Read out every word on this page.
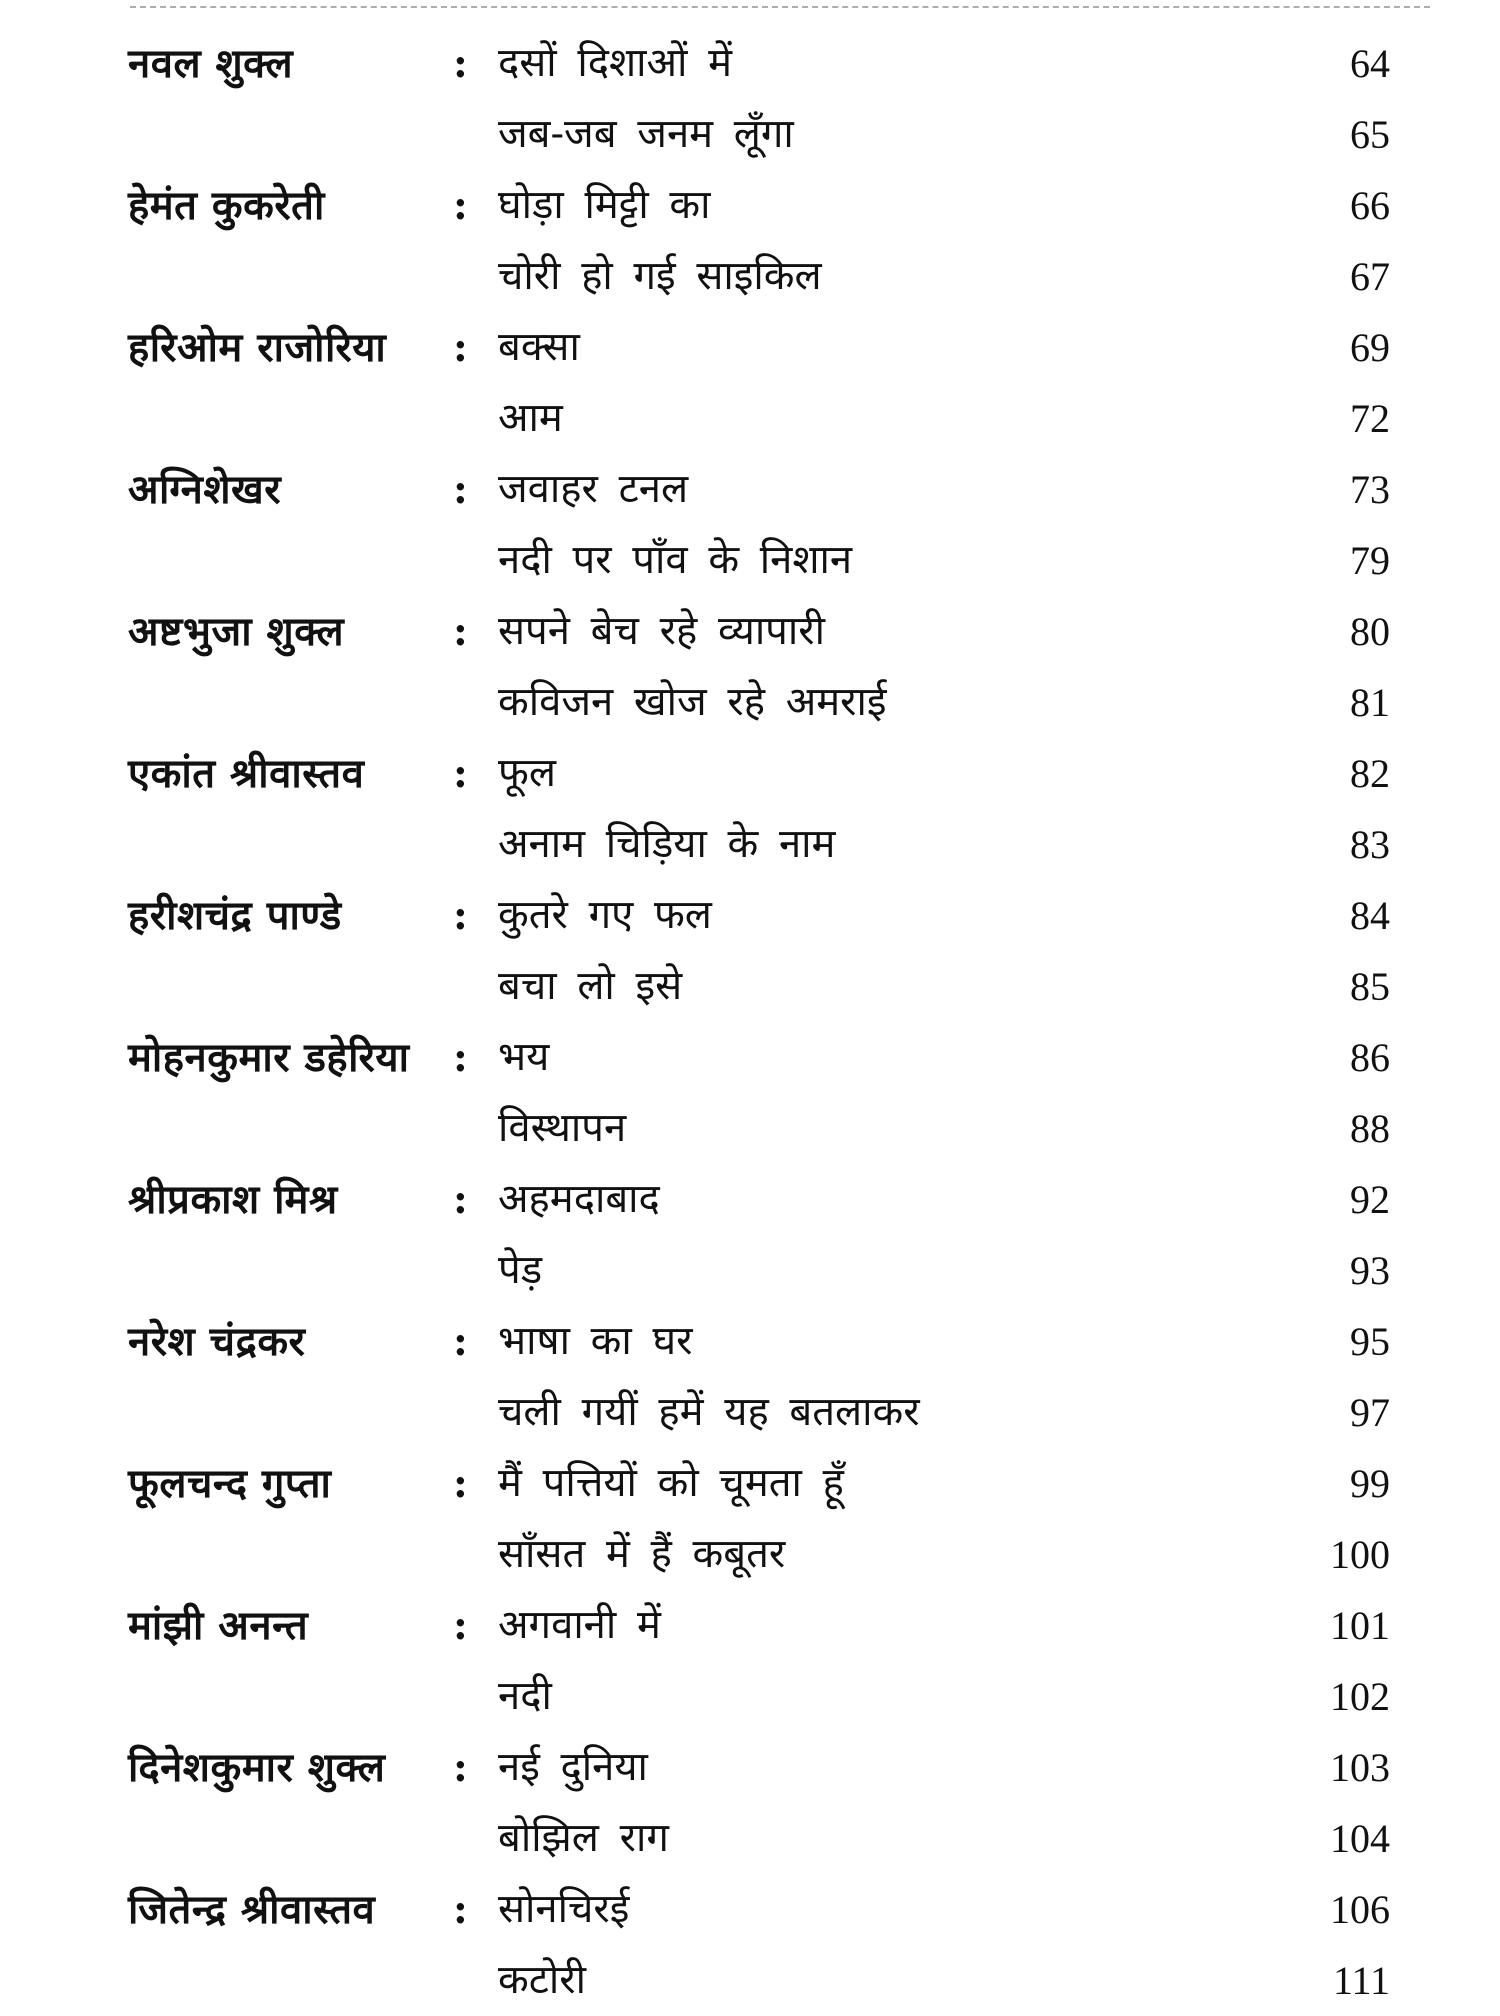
नवल शुक्ल	: दसों दिशाओं में	64
जब-जब जनम लूँगा	65
हेमंत कुकरेती	: घोड़ा मिट्टी का	66
चोरी हो गई साइकिल	67
हरिओम राजोरिया : बक्सा	69
आम	72
अग्निशेखर	: जवाहर टनल	73
नदी पर पाँव के निशान	79
अष्टभुजा शुक्ल	: सपने बेच रहे व्यापारी	80
कविजन खोज रहे अमराई	81
एकांत श्रीवास्तव : फूल	82
अनाम चिड़िया के नाम	83
हरीशचंद्र पाण्डे	: कुतरे गए फल	84
बचा लो इसे	85
मोहनकुमार डहेरिया : भय	86
विस्थापन	88
श्रीप्रकाश मिश्र	: अहमदाबाद	92
पेड़	93
नरेश चंद्रकर	: भाषा का घर	95
चली गयीं हमें यह बतलाकर	97
फूलचन्द गुप्ता	: मैं पत्तियों को चूमता हूँ	99
साँसत में हैं कबूतर	100
मांझी अनन्त	: अगवानी में	101
नदी	102
दिनेशकुमार शुक्ल : नई दुनिया	103
बोझिल राग	104
जितेन्द्र श्रीवास्तव : सोनचिरई	106
कटोरी	111
